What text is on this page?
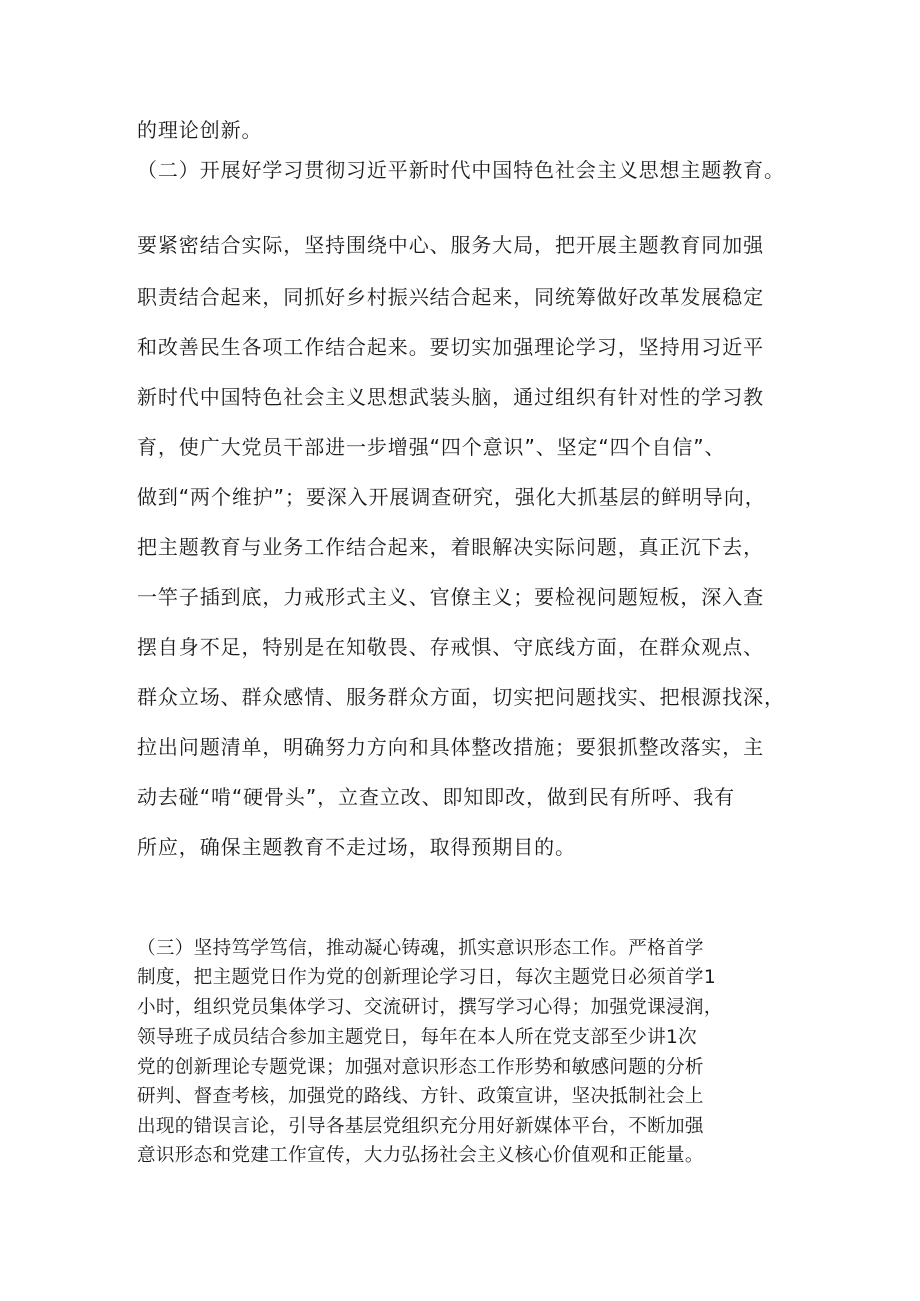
的理论创新。
（二）开展好学习贯彻习近平新时代中国特色社会主义思想主题教育。
要紧密结合实际，坚持围绕中心、服务大局，把开展主题教育同加强
职责结合起来，同抓好乡村振兴结合起来，同统筹做好改革发展稳定
和改善民生各项工作结合起来。要切实加强理论学习，坚持用习近平
新时代中国特色社会主义思想武装头脑，通过组织有针对性的学习教
育，使广大党员干部进一步增强“四个意识”、坚定“四个自信”、
做到“两个维护”；要深入开展调查研究，强化大抓基层的鲜明导向，
把主题教育与业务工作结合起来，着眼解决实际问题，真正沉下去，
一竿子插到底，力戒形式主义、官僚主义；要检视问题短板，深入查
摆自身不足，特别是在知敬畏、存戒惧、守底线方面，在群众观点、
群众立场、群众感情、服务群众方面，切实把问题找实、把根源找深，
拉出问题清单，明确努力方向和具体整改措施；要狠抓整改落实，主
动去碰“啃“硬骨头”，立查立改、即知即改，做到民有所呼、我有
所应，确保主题教育不走过场，取得预期目的。
（三）坚持笃学笃信，推动凝心铸魂，抓实意识形态工作。严格首学
制度，把主题党日作为党的创新理论学习日，每次主题党日必须首学1
小时，组织党员集体学习、交流研讨，撰写学习心得；加强党课浸润，
领导班子成员结合参加主题党日，每年在本人所在党支部至少讲1次
党的创新理论专题党课；加强对意识形态工作形势和敏感问题的分析
研判、督查考核，加强党的路线、方针、政策宣讲，坚决抵制社会上
出现的错误言论，引导各基层党组织充分用好新媒体平台，不断加强
意识形态和党建工作宣传，大力弘扬社会主义核心价值观和正能量。
